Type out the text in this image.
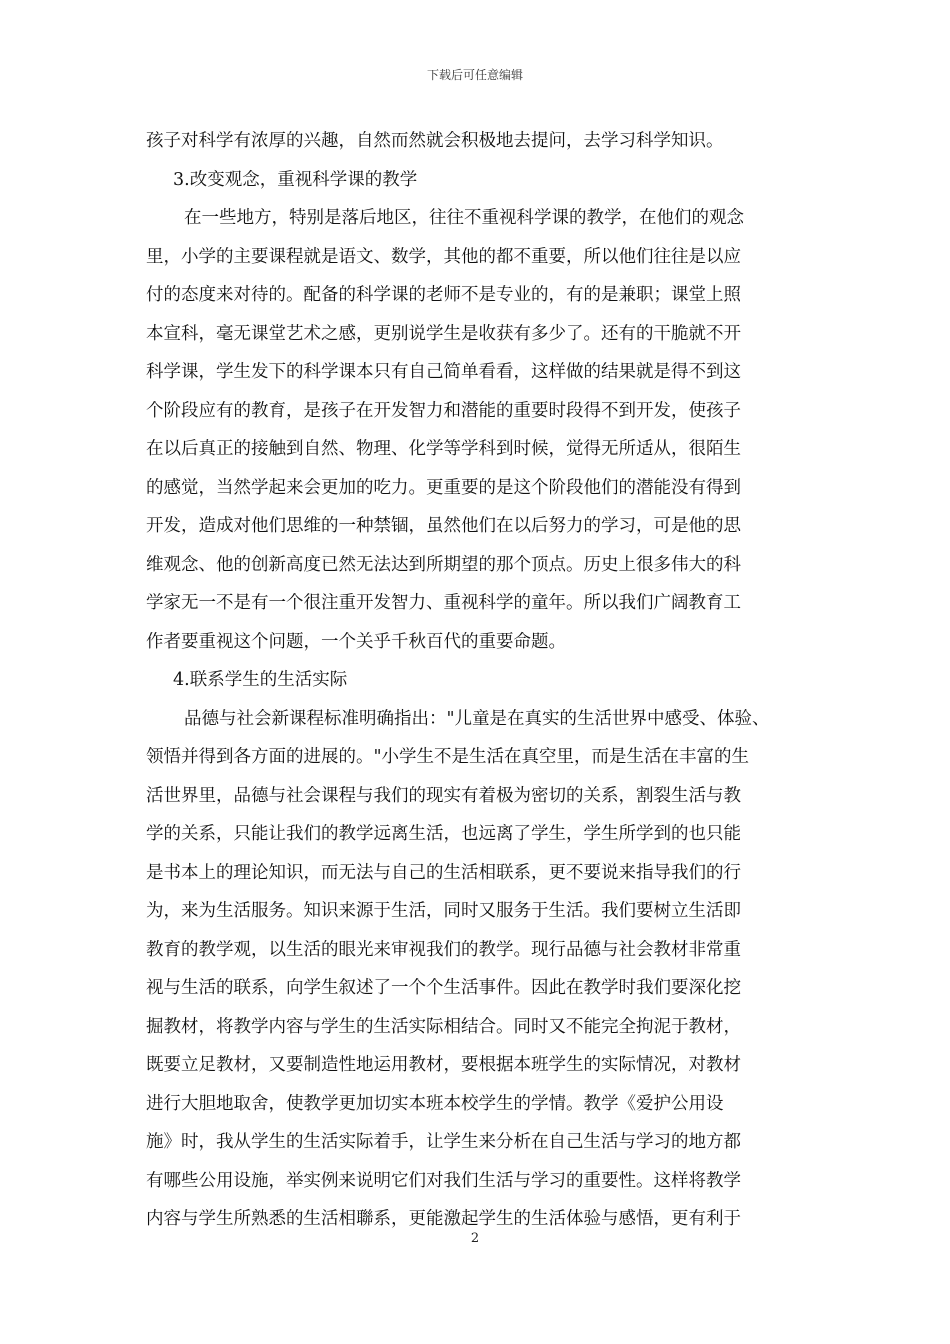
下载后可任意编辑
孩子对科学有浓厚的兴趣，自然而然就会积极地去提问，去学习科学知识。
3.改变观念，重视科学课的教学
在一些地方，特别是落后地区，往往不重视科学课的教学，在他们的观念
里，小学的主要课程就是语文、数学，其他的都不重要，所以他们往往是以应
付的态度来对待的。配备的科学课的老师不是专业的，有的是兼职；课堂上照
本宣科，毫无课堂艺术之感，更别说学生是收获有多少了。还有的干脆就不开
科学课，学生发下的科学课本只有自己简单看看，这样做的结果就是得不到这
个阶段应有的教育，是孩子在开发智力和潜能的重要时段得不到开发，使孩子
在以后真正的接触到自然、物理、化学等学科到时候，觉得无所适从，很陌生
的感觉，当然学起来会更加的吃力。更重要的是这个阶段他们的潜能没有得到
开发，造成对他们思维的一种禁锢，虽然他们在以后努力的学习，可是他的思
维观念、他的创新高度已然无法达到所期望的那个顶点。历史上很多伟大的科
学家无一不是有一个很注重开发智力、重视科学的童年。所以我们广阔教育工
作者要重视这个问题，一个关乎千秋百代的重要命题。
4.联系学生的生活实际
品德与社会新课程标准明确指出："儿童是在真实的生活世界中感受、体验、
领悟并得到各方面的进展的。"小学生不是生活在真空里，而是生活在丰富的生
活世界里，品德与社会课程与我们的现实有着极为密切的关系，割裂生活与教
学的关系，只能让我们的教学远离生活，也远离了学生，学生所学到的也只能
是书本上的理论知识，而无法与自己的生活相联系，更不要说来指导我们的行
为，来为生活服务。知识来源于生活，同时又服务于生活。我们要树立生活即
教育的教学观，以生活的眼光来审视我们的教学。现行品德与社会教材非常重
视与生活的联系，向学生叙述了一个个生活事件。因此在教学时我们要深化挖
掘教材，将教学内容与学生的生活实际相结合。同时又不能完全拘泥于教材，
既要立足教材，又要制造性地运用教材，要根据本班学生的实际情况，对教材
进行大胆地取舍，使教学更加切实本班本校学生的学情。教学《爱护公用设
施》时，我从学生的生活实际着手，让学生来分析在自己生活与学习的地方都
有哪些公用设施，举实例来说明它们对我们生活与学习的重要性。这样将教学
内容与学生所熟悉的生活相聯系，更能激起学生的生活体验与感悟，更有利于
2
